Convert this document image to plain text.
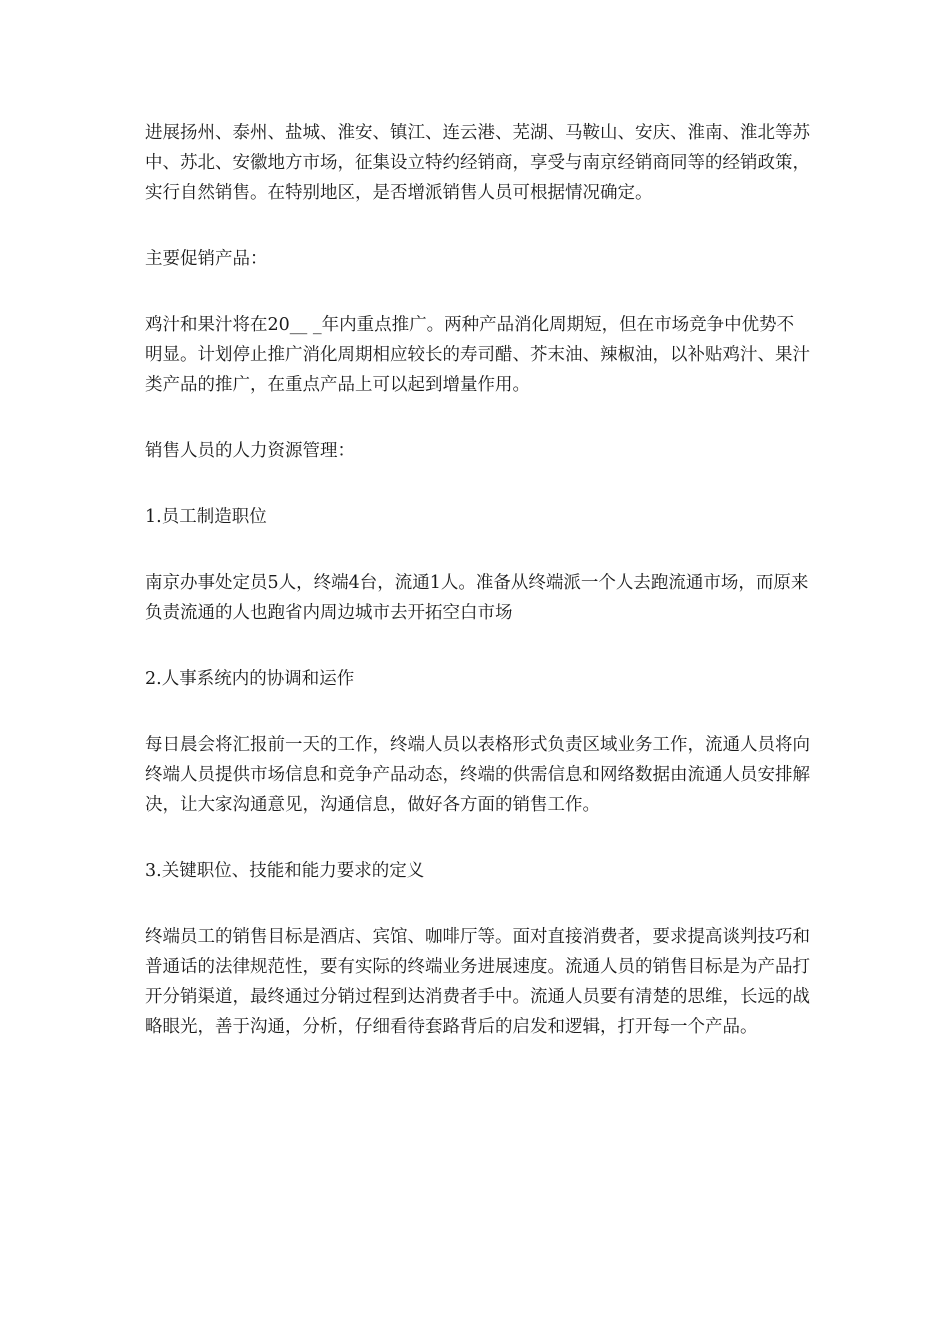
进展扬州、泰州、盐城、淮安、镇江、连云港、芜湖、马鞍山、安庆、淮南、淮北等苏中、苏北、安徽地方市场，征集设立特约经销商，享受与南京经销商同等的经销政策，实行自然销售。在特别地区，是否增派销售人员可根据情况确定。

主要促销产品：

鸡汁和果汁将在20__ _年内重点推广。两种产品消化周期短，但在市场竞争中优势不明显。计划停止推广消化周期相应较长的寿司醋、芥末油、辣椒油，以补贴鸡汁、果汁类产品的推广，在重点产品上可以起到增量作用。

销售人员的人力资源管理：

1.员工制造职位

南京办事处定员5人，终端4台，流通1人。准备从终端派一个人去跑流通市场，而原来负责流通的人也跑省内周边城市去开拓空白市场

2.人事系统内的协调和运作

每日晨会将汇报前一天的工作，终端人员以表格形式负责区域业务工作，流通人员将向终端人员提供市场信息和竞争产品动态，终端的供需信息和网络数据由流通人员安排解决，让大家沟通意见，沟通信息，做好各方面的销售工作。

3.关键职位、技能和能力要求的定义

终端员工的销售目标是酒店、宾馆、咖啡厅等。面对直接消费者，要求提高谈判技巧和普通话的法律规范性，要有实际的终端业务进展速度。流通人员的销售目标是为产品打开分销渠道，最终通过分销过程到达消费者手中。流通人员要有清楚的思维，长远的战略眼光，善于沟通，分析，仔细看待套路背后的启发和逻辑，打开每一个产品。
